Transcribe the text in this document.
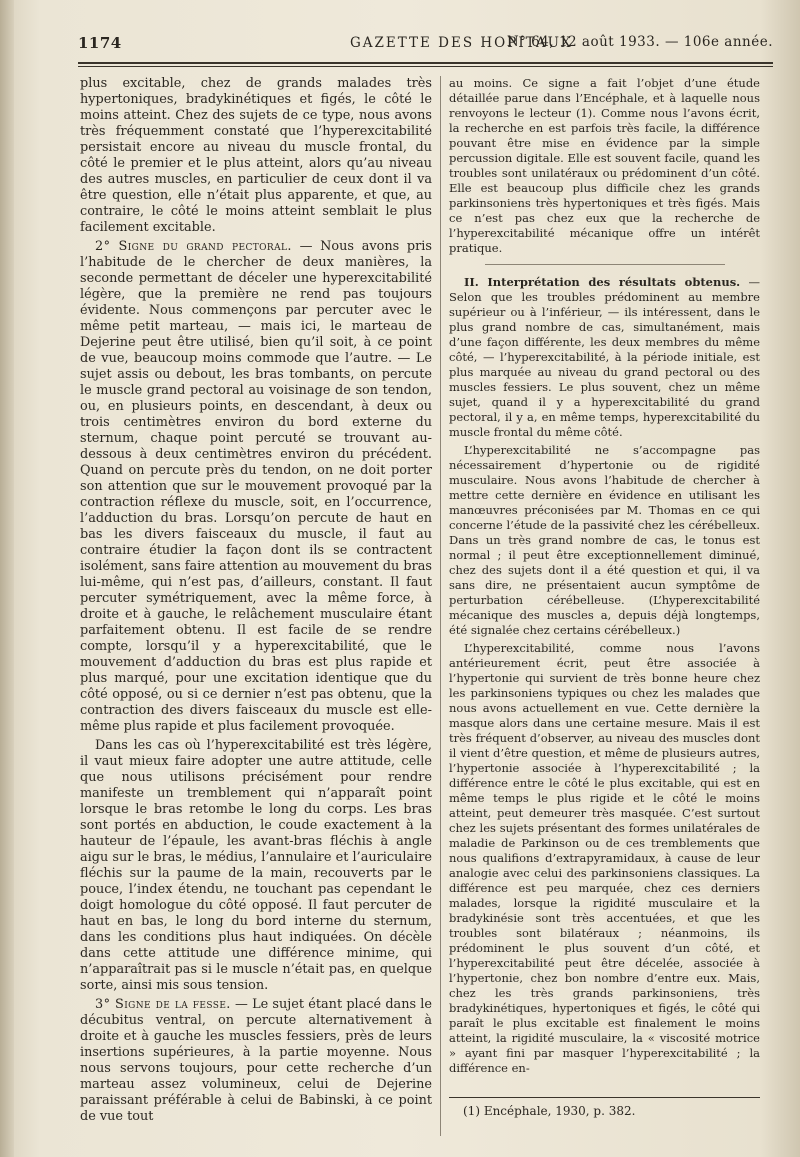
1174	GAZETTE DES HOPITAUX
N° 64, 12 août 1933. — 106e année.

plus excitable, chez de grands malades très hypertoniques, bradykinétiques et figés, le côté le moins atteint. Chez des sujets de ce type, nous avons très fréquemment constaté que l’hyperexcitabilité persistait encore au niveau du muscle frontal, du côté le premier et le plus atteint, alors qu’au niveau des autres muscles, en particulier de ceux dont il va être question, elle n’était plus apparente, et que, au contraire, le côté le moins atteint semblait le plus facilement excitable.

2° Signe du grand pectoral. — Nous avons pris l’habitude de le chercher de deux manières, la seconde permettant de déceler une hyperexcitabilité légère, que la première ne rend pas toujours évidente. Nous commençons par percuter avec le même petit marteau, — mais ici, le marteau de Dejerine peut être utilisé, bien qu’il soit, à ce point de vue, beaucoup moins commode que l’autre. — Le sujet assis ou debout, les bras tombants, on percute le muscle grand pectoral au voisinage de son tendon, ou, en plusieurs points, en descendant, à deux ou trois centimètres environ du bord externe du sternum, chaque point percuté se trouvant au-dessous à deux centimètres environ du précédent. Quand on percute près du tendon, on ne doit porter son attention que sur le mouvement provoqué par la contraction réflexe du muscle, soit, en l’occurrence, l’adduction du bras. Lorsqu’on percute de haut en bas les divers faisceaux du muscle, il faut au contraire étudier la façon dont ils se contractent isolément, sans faire attention au mouvement du bras lui-même, qui n’est pas, d’ailleurs, constant. Il faut percuter symétriquement, avec la même force, à droite et à gauche, le relâchement musculaire étant parfaitement obtenu. Il est facile de se rendre compte, lorsqu’il y a hyperexcitabilité, que le mouvement d’adduction du bras est plus rapide et plus marqué, pour une excitation identique que du côté opposé, ou si ce dernier n’est pas obtenu, que la contraction des divers faisceaux du muscle est elle-même plus rapide et plus facilement provoquée.

Dans les cas où l’hyperexcitabilité est très légère, il vaut mieux faire adopter une autre attitude, celle que nous utilisons précisément pour rendre manifeste un tremblement qui n’apparaît point lorsque le bras retombe le long du corps. Les bras sont portés en abduction, le coude exactement à la hauteur de l’épaule, les avant-bras fléchis à angle aigu sur le bras, le médius, l’annulaire et l’auriculaire fléchis sur la paume de la main, recouverts par le pouce, l’index étendu, ne touchant pas cependant le doigt homologue du côté opposé. Il faut percuter de haut en bas, le long du bord interne du sternum, dans les conditions plus haut indiquées. On décèle dans cette attitude une différence minime, qui n’apparaîtrait pas si le muscle n’était pas, en quelque sorte, ainsi mis sous tension.

3° Signe de la fesse. — Le sujet étant placé dans le décubitus ventral, on percute alternativement à droite et à gauche les muscles fessiers, près de leurs insertions supérieures, à la partie moyenne. Nous nous servons toujours, pour cette recherche d’un marteau assez volumineux, celui de Dejerine paraissant préférable à celui de Babinski, à ce point de vue tout

au moins. Ce signe a fait l’objet d’une étude détaillée parue dans l’Encéphale, et à laquelle nous renvoyons le lecteur (1). Comme nous l’avons écrit, la recherche en est parfois très facile, la différence pouvant être mise en évidence par la simple percussion digitale. Elle est souvent facile, quand les troubles sont unilatéraux ou prédominent d’un côté. Elle est beaucoup plus difficile chez les grands parkinsoniens très hypertoniques et très figés. Mais ce n’est pas chez eux que la recherche de l’hyperexcitabilité mécanique offre un intérêt pratique.

II. Interprétation des résultats obtenus. — Selon que les troubles prédominent au membre supérieur ou à l’inférieur, — ils intéressent, dans le plus grand nombre de cas, simultanément, mais d’une façon différente, les deux membres du même côté, — l’hyperexcitabilité, à la période initiale, est plus marquée au niveau du grand pectoral ou des muscles fessiers. Le plus souvent, chez un même sujet, quand il y a hyperexcitabilité du grand pectoral, il y a, en même temps, hyperexcitabilité du muscle frontal du même côté.

L’hyperexcitabilité ne s’accompagne pas nécessairement d’hypertonie ou de rigidité musculaire. Nous avons l’habitude de chercher à mettre cette dernière en évidence en utilisant les manœuvres préconisées par M. Thomas en ce qui concerne l’étude de la passivité chez les cérébelleux. Dans un très grand nombre de cas, le tonus est normal ; il peut être exceptionnellement diminué, chez des sujets dont il a été question et qui, il va sans dire, ne présentaient aucun symptôme de perturbation cérébelleuse. (L’hyperexcitabilité mécanique des muscles a, depuis déjà longtemps, été signalée chez certains cérébelleux.)

L’hyperexcitabilité, comme nous l’avons antérieurement écrit, peut être associée à l’hypertonie qui survient de très bonne heure chez les parkinsoniens typiques ou chez les malades que nous avons actuellement en vue. Cette dernière la masque alors dans une certaine mesure. Mais il est très fréquent d’observer, au niveau des muscles dont il vient d’être question, et même de plusieurs autres, l’hypertonie associée à l’hyperexcitabilité ; la différence entre le côté le plus excitable, qui est en même temps le plus rigide et le côté le moins atteint, peut demeurer très masquée. C’est surtout chez les sujets présentant des formes unilatérales de maladie de Parkinson ou de ces tremblements que nous qualifions d’extrapyramidaux, à cause de leur analogie avec celui des parkinsoniens classiques. La différence est peu marquée, chez ces derniers malades, lorsque la rigidité musculaire et la bradykinésie sont très accentuées, et que les troubles sont bilatéraux ; néanmoins, ils prédominent le plus souvent d’un côté, et l’hyperexcitabilité peut être décelée, associée à l’hypertonie, chez bon nombre d’entre eux. Mais, chez les très grands parkinsoniens, très bradykinétiques, hypertoniques et figés, le côté qui paraît le plus excitable est finalement le moins atteint, la rigidité musculaire, la « viscosité motrice » ayant fini par masquer l’hyperexcitabilité ; la différence en-

(1) Encéphale, 1930, p. 382.
